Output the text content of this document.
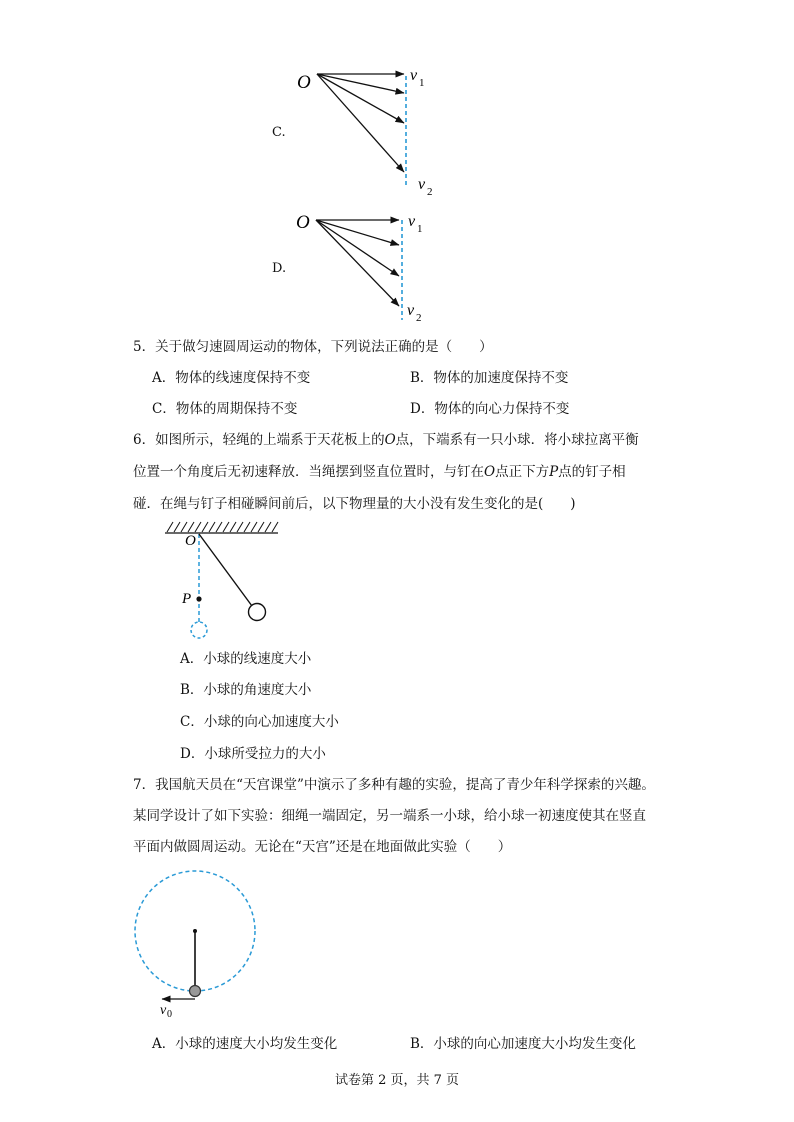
C.
O	v 1
v 2
D.
O	v 1
v 2
5．关于做匀速圆周运动的物体，下列说法正确的是（　　）
A．物体的线速度保持不变	B．物体的加速度保持不变
C．物体的周期保持不变	D．物体的向心力保持不变
6．如图所示，轻绳的上端系于天花板上的O点，下端系有一只小球．将小球拉离平衡
位置一个角度后无初速释放．当绳摆到竖直位置时，与钉在O点正下方P点的钉子相
碰．在绳与钉子相碰瞬间前后，以下物理量的大小没有发生变化的是(　　)
O
P
A．小球的线速度大小
B．小球的角速度大小
C．小球的向心加速度大小
D．小球所受拉力的大小
7．我国航天员在“天宫课堂”中演示了多种有趣的实验，提高了青少年科学探索的兴趣。
某同学设计了如下实验：细绳一端固定，另一端系一小球，给小球一初速度使其在竖直
平面内做圆周运动。无论在“天宫”还是在地面做此实验（　　）
v 0
A．小球的速度大小均发生变化	B．小球的向心加速度大小均发生变化
试卷第 2 页，共 7 页
